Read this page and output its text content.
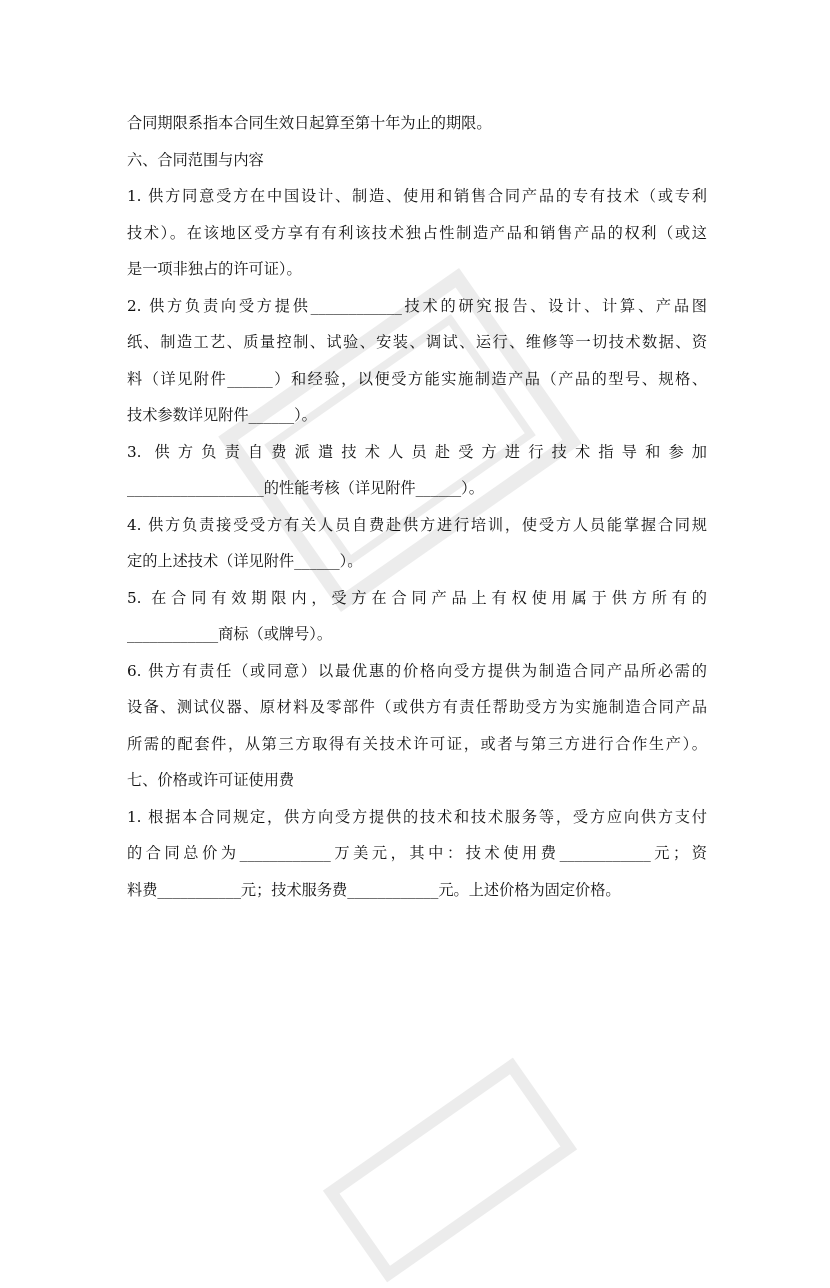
合同期限系指本合同生效日起算至第十年为止的期限。
六、合同范围与内容
1. 供方同意受方在中国设计、制造、使用和销售合同产品的专有技术（或专利
技术）。在该地区受方享有有利该技术独占性制造产品和销售产品的权利（或这
是一项非独占的许可证）。
2. 供方负责向受方提供____________技术的研究报告、设计、计算、产品图
纸、制造工艺、质量控制、试验、安装、调试、运行、维修等一切技术数据、资
料（详见附件______）和经验，以便受方能实施制造产品（产品的型号、规格、
技术参数详见附件______）。
3. 供方负责自费派遣技术人员赴受方进行技术指导和参加
__________________的性能考核（详见附件______）。
4. 供方负责接受受方有关人员自费赴供方进行培训，使受方人员能掌握合同规
定的上述技术（详见附件______）。
5. 在合同有效期限内，受方在合同产品上有权使用属于供方所有的
____________商标（或牌号）。
6. 供方有责任（或同意）以最优惠的价格向受方提供为制造合同产品所必需的
设备、测试仪器、原材料及零部件（或供方有责任帮助受方为实施制造合同产品
所需的配套件，从第三方取得有关技术许可证，或者与第三方进行合作生产）。
七、价格或许可证使用费
1. 根据本合同规定，供方向受方提供的技术和技术服务等，受方应向供方支付
的合同总价为____________万美元，其中：技术使用费____________元；资
料费___________元；技术服务费____________元。上述价格为固定价格。
